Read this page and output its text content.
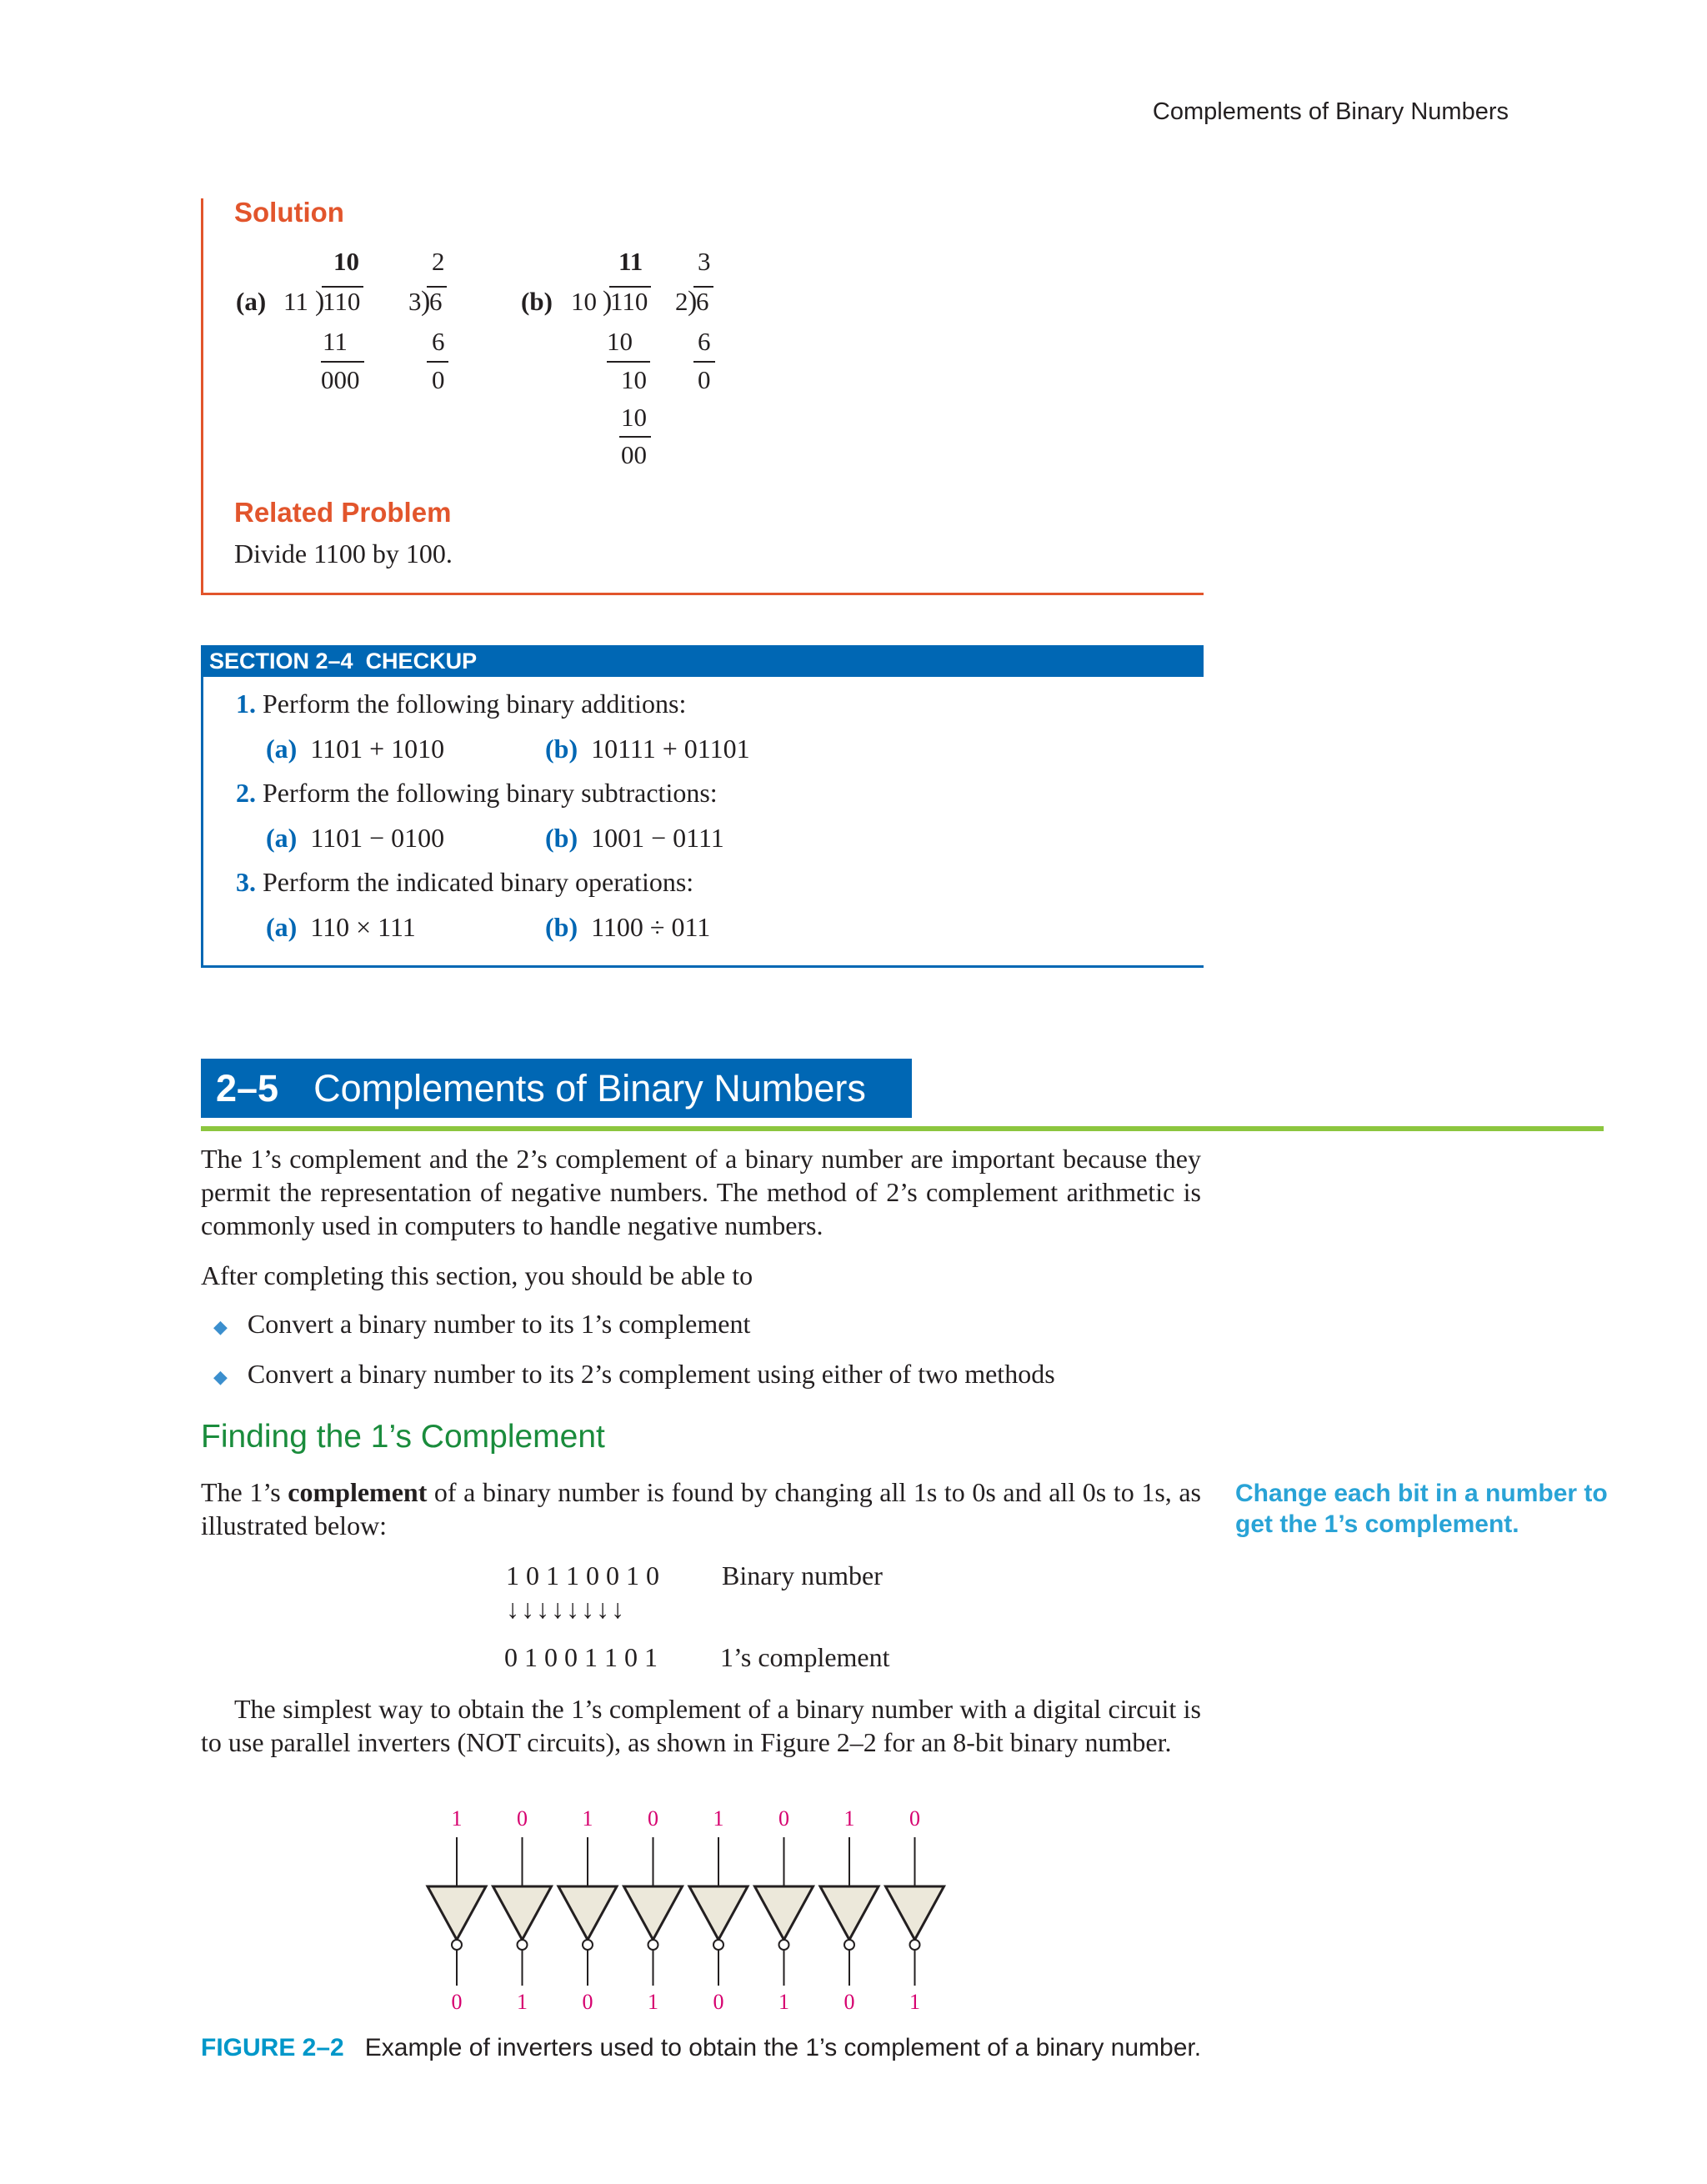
Complements of Binary Numbers
Solution
(a)
10
11 )
110
11
000
2
3 )
6
6
0
(b)
11
10 )
110
10
10
10
00
3
2 )
6
6
0
Related Problem
Divide 1100 by 100.
SECTION 2–4  CHECKUP
1. Perform the following binary additions:
(a) 1101 + 1010	(b) 10111 + 01101
2. Perform the following binary subtractions:
(a) 1101 − 0100	(b) 1001 − 0111
3. Perform the indicated binary operations:
(a) 110 × 111	(b) 1100 ÷ 011
2–5 Complements of Binary Numbers
The 1’s complement and the 2’s complement of a binary number are important because they permit the representation of negative numbers. The method of 2’s complement arithmetic is commonly used in computers to handle negative numbers.
After completing this section, you should be able to
◆ Convert a binary number to its 1’s complement
◆ Convert a binary number to its 2’s complement using either of two methods
Finding the 1’s Complement
The 1’s complement of a binary number is found by changing all 1s to 0s and all 0s to 1s, as illustrated below:
Change each bit in a number to get the 1’s complement.
1 0 1 1 0 0 1 0 Binary number
↓↓↓↓↓↓↓↓
0 1 0 0 1 1 0 1 1’s complement
The simplest way to obtain the 1’s complement of a binary number with a digital circuit is to use parallel inverters (NOT circuits), as shown in Figure 2–2 for an 8-bit binary number.
1
0
0
1
1
0
0
1
1
0
0
1
1
0
0
1
FIGURE 2–2 Example of inverters used to obtain the 1’s complement of a binary number.
